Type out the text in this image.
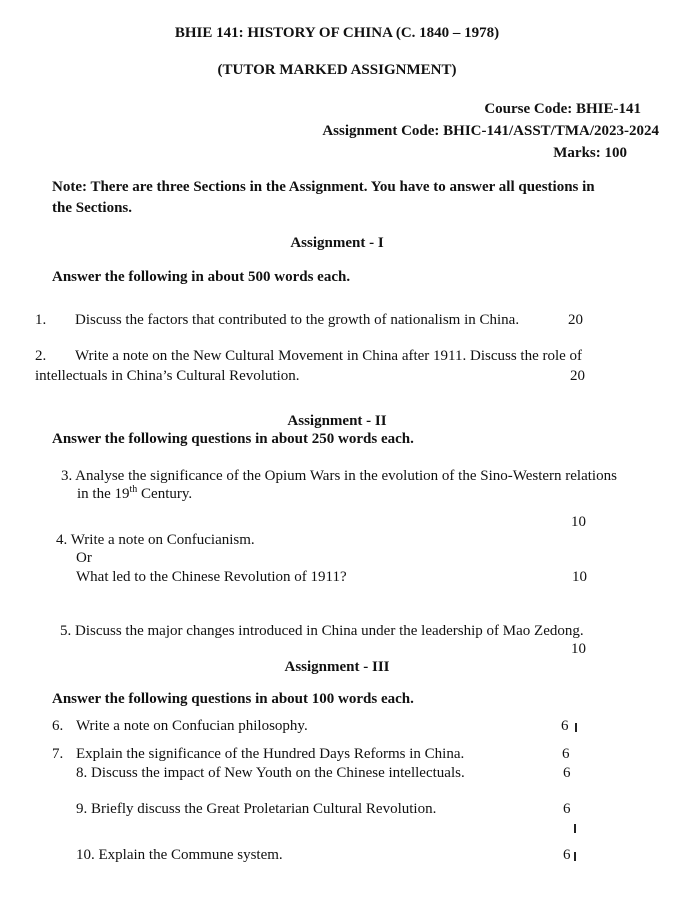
BHIE 141: HISTORY OF CHINA (C. 1840 – 1978)
(TUTOR MARKED ASSIGNMENT)
Course Code: BHIE-141
Assignment Code: BHIC-141/ASST/TMA/2023-2024
Marks: 100
Note: There are three Sections in the Assignment. You have to answer all questions in
the Sections.
Assignment - I
Answer the following in about 500 words each.
1. Discuss the factors that contributed to the growth of nationalism in China.	20
2. Write a note on the New Cultural Movement in China after 1911. Discuss the role of
intellectuals in China’s Cultural Revolution.	20
Assignment - II
Answer the following questions in about 250 words each.
3. Analyse the significance of the Opium Wars in the evolution of the Sino-Western relations
in the 19th Century.
10
4. Write a note on Confucianism.
Or
What led to the Chinese Revolution of 1911?	10
5. Discuss the major changes introduced in China under the leadership of Mao Zedong.
10
Assignment - III
Answer the following questions in about 100 words each.
6. Write a note on Confucian philosophy.	6
7. Explain the significance of the Hundred Days Reforms in China.	6
8. Discuss the impact of New Youth on the Chinese intellectuals.	6
9. Briefly discuss the Great Proletarian Cultural Revolution.	6
10. Explain the Commune system.	6
